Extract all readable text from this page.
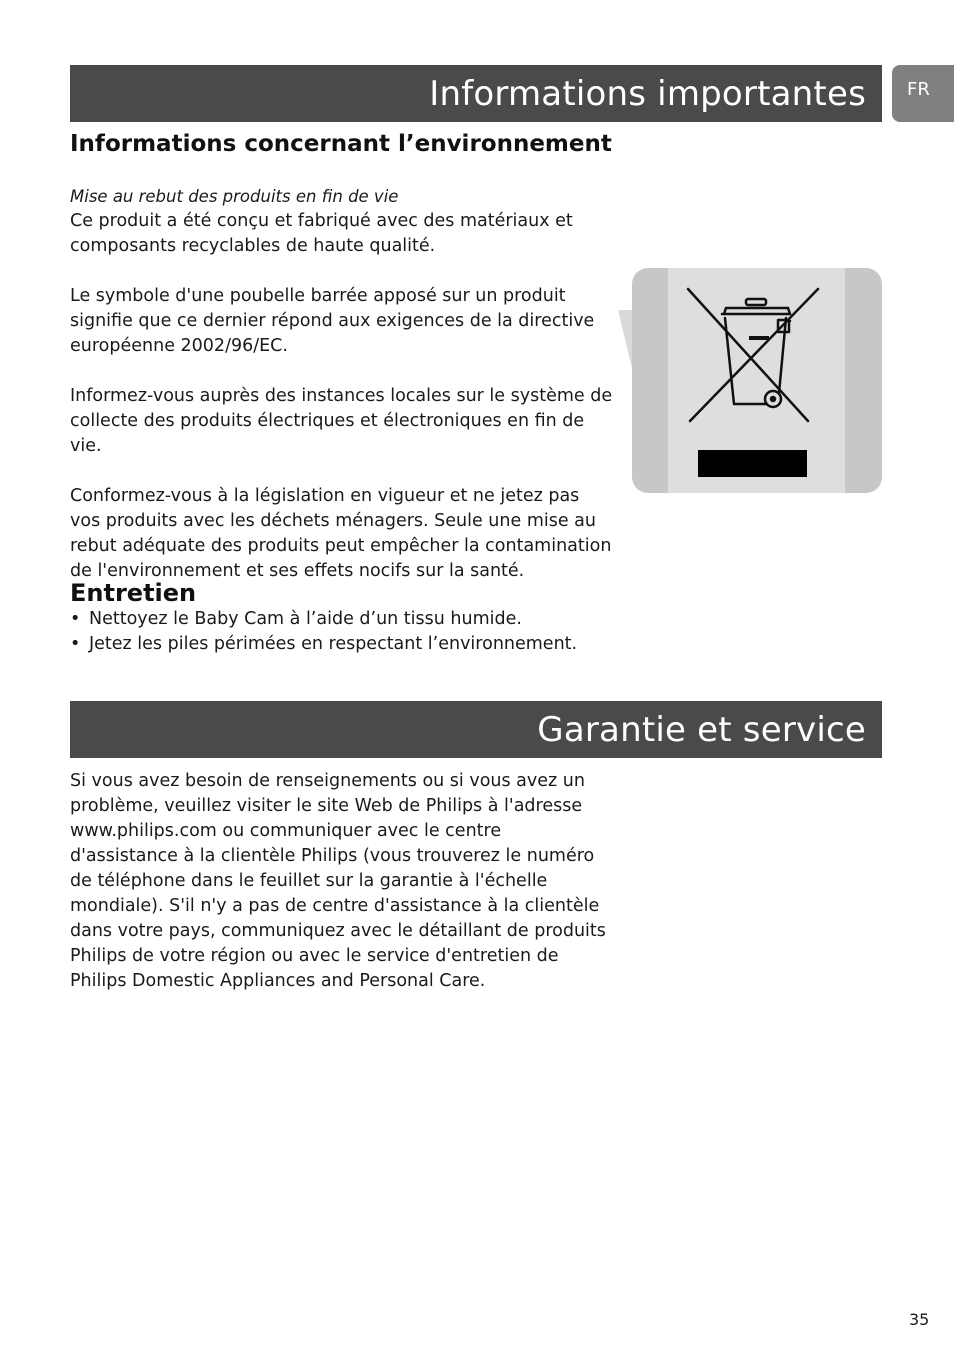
Informations importantes	FR
Informations concernant l’environnement

Mise au rebut des produits en fin de vie

Ce produit a été conçu et fabriqué avec des matériaux et composants recyclables de haute qualité.

Le symbole d'une poubelle barrée apposé sur un produit signifie que ce dernier répond aux exigences de la directive européenne 2002/96/EC.

Informez-vous auprès des instances locales sur le système de collecte des produits électriques et électroniques en fin de vie.

Conformez-vous à la législation en vigueur et ne jetez pas vos produits avec les déchets ménagers. Seule une mise au rebut adéquate des produits peut empêcher la contamination de l'environnement et ses effets nocifs sur la santé.

Entretien
• Nettoyez le Baby Cam à l’aide d’un tissu humide.
• Jetez les piles périmées en respectant l’environnement.
Garantie et service

Si vous avez besoin de renseignements ou si vous avez un problème, veuillez visiter le site Web de Philips à l'adresse www.philips.com ou communiquer avec le centre d'assistance à la clientèle Philips (vous trouverez le numéro de téléphone dans le feuillet sur la garantie à l'échelle mondiale). S'il n'y a pas de centre d'assistance à la clientèle dans votre pays, communiquez avec le détaillant de produits Philips de votre région ou avec le service d'entretien de Philips Domestic Appliances and Personal Care.

35
